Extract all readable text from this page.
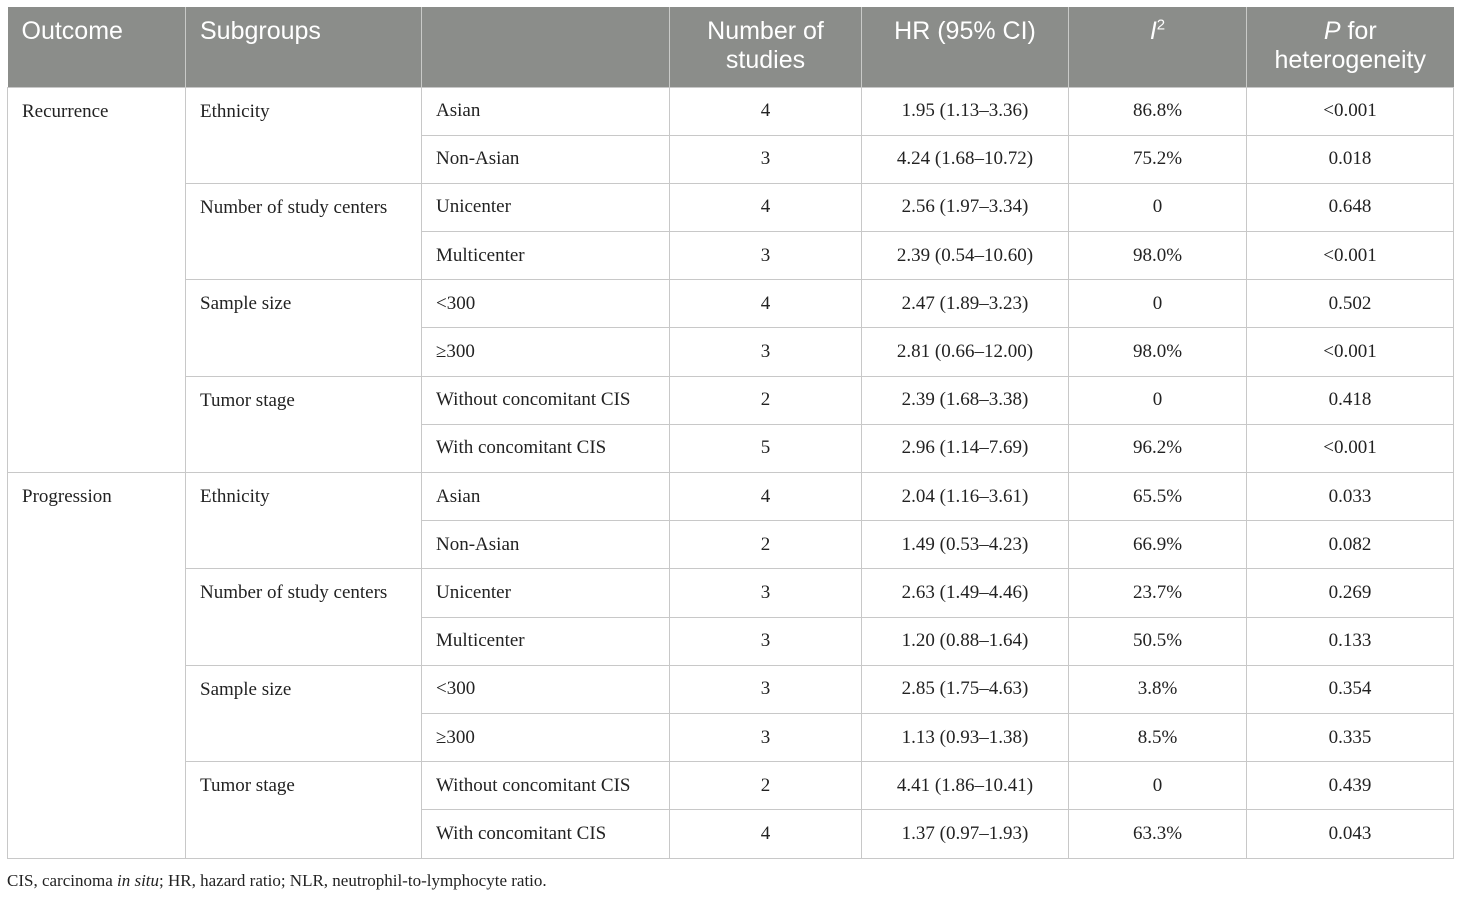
Outcome	Subgroups		Number of studies	HR (95% CI)	$I^2$	P for heterogeneity
Recurrence	Ethnicity	Asian	4	1.95 (1.13–3.36)	86.8%	<0.001
		Non-Asian	3	4.24 (1.68–10.72)	75.2%	0.018
	Number of study centers	Unicenter	4	2.56 (1.97–3.34)	0	0.648
		Multicenter	3	2.39 (0.54–10.60)	98.0%	<0.001
	Sample size	<300	4	2.47 (1.89–3.23)	0	0.502
		≥300	3	2.81 (0.66–12.00)	98.0%	<0.001
	Tumor stage	Without concomitant CIS	2	2.39 (1.68–3.38)	0	0.418
		With concomitant CIS	5	2.96 (1.14–7.69)	96.2%	<0.001
Progression	Ethnicity	Asian	4	2.04 (1.16–3.61)	65.5%	0.033
		Non-Asian	2	1.49 (0.53–4.23)	66.9%	0.082
	Number of study centers	Unicenter	3	2.63 (1.49–4.46)	23.7%	0.269
		Multicenter	3	1.20 (0.88–1.64)	50.5%	0.133
	Sample size	<300	3	2.85 (1.75–4.63)	3.8%	0.354
		≥300	3	1.13 (0.93–1.38)	8.5%	0.335
	Tumor stage	Without concomitant CIS	2	4.41 (1.86–10.41)	0	0.439
		With concomitant CIS	4	1.37 (0.97–1.93)	63.3%	0.043
CIS, carcinoma in situ; HR, hazard ratio; NLR, neutrophil-to-lymphocyte ratio.
